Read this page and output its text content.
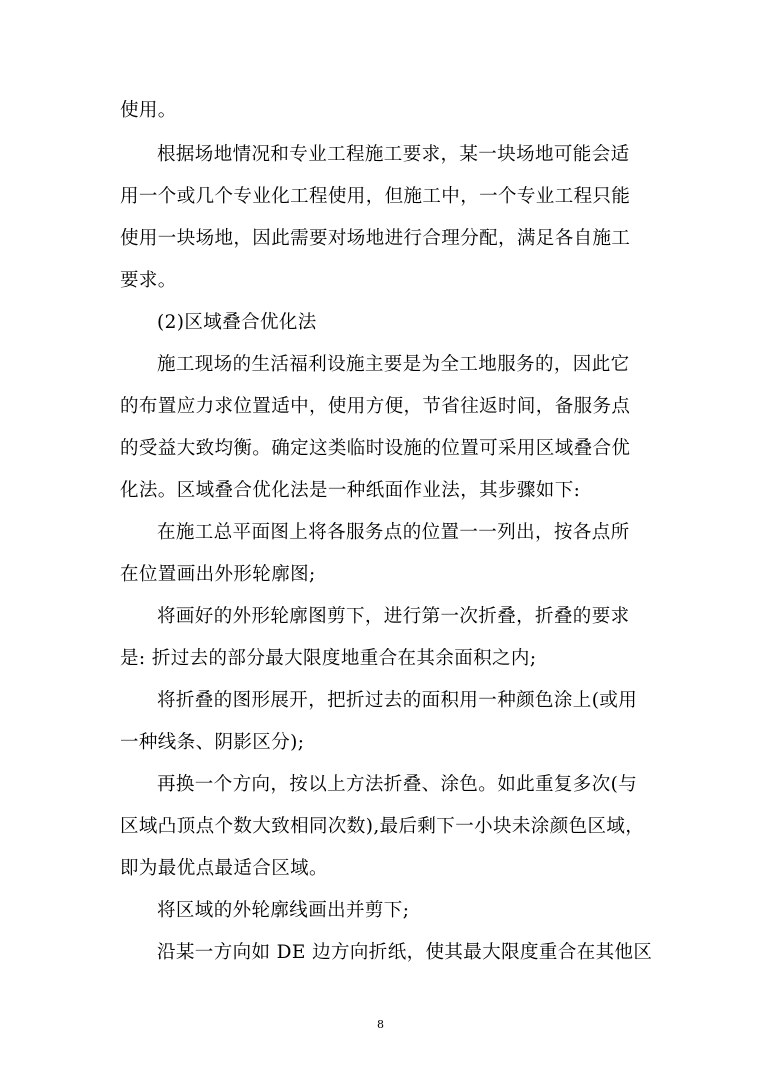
使用。
根据场地情况和专业工程施工要求，某一块场地可能会适
用一个或几个专业化工程使用，但施工中，一个专业工程只能
使用一块场地，因此需要对场地进行合理分配，满足各自施工
要求。
(2)区域叠合优化法
施工现场的生活福利设施主要是为全工地服务的，因此它
的布置应力求位置适中，使用方便，节省往返时间，备服务点
的受益大致均衡。确定这类临时设施的位置可采用区域叠合优
化法。区域叠合优化法是一种纸面作业法，其步骤如下:
在施工总平面图上将各服务点的位置一一列出，按各点所
在位置画出外形轮廓图;
将画好的外形轮廓图剪下，进行第一次折叠，折叠的要求
是: 折过去的部分最大限度地重合在其余面积之内;
将折叠的图形展开，把折过去的面积用一种颜色涂上(或用
一种线条、阴影区分);
再换一个方向，按以上方法折叠、涂色。如此重复多次(与
区域凸顶点个数大致相同次数),最后剩下一小块未涂颜色区域，
即为最优点最适合区域。
将区域的外轮廓线画出并剪下;
沿某一方向如 DE 边方向折纸，使其最大限度重合在其他区
8
